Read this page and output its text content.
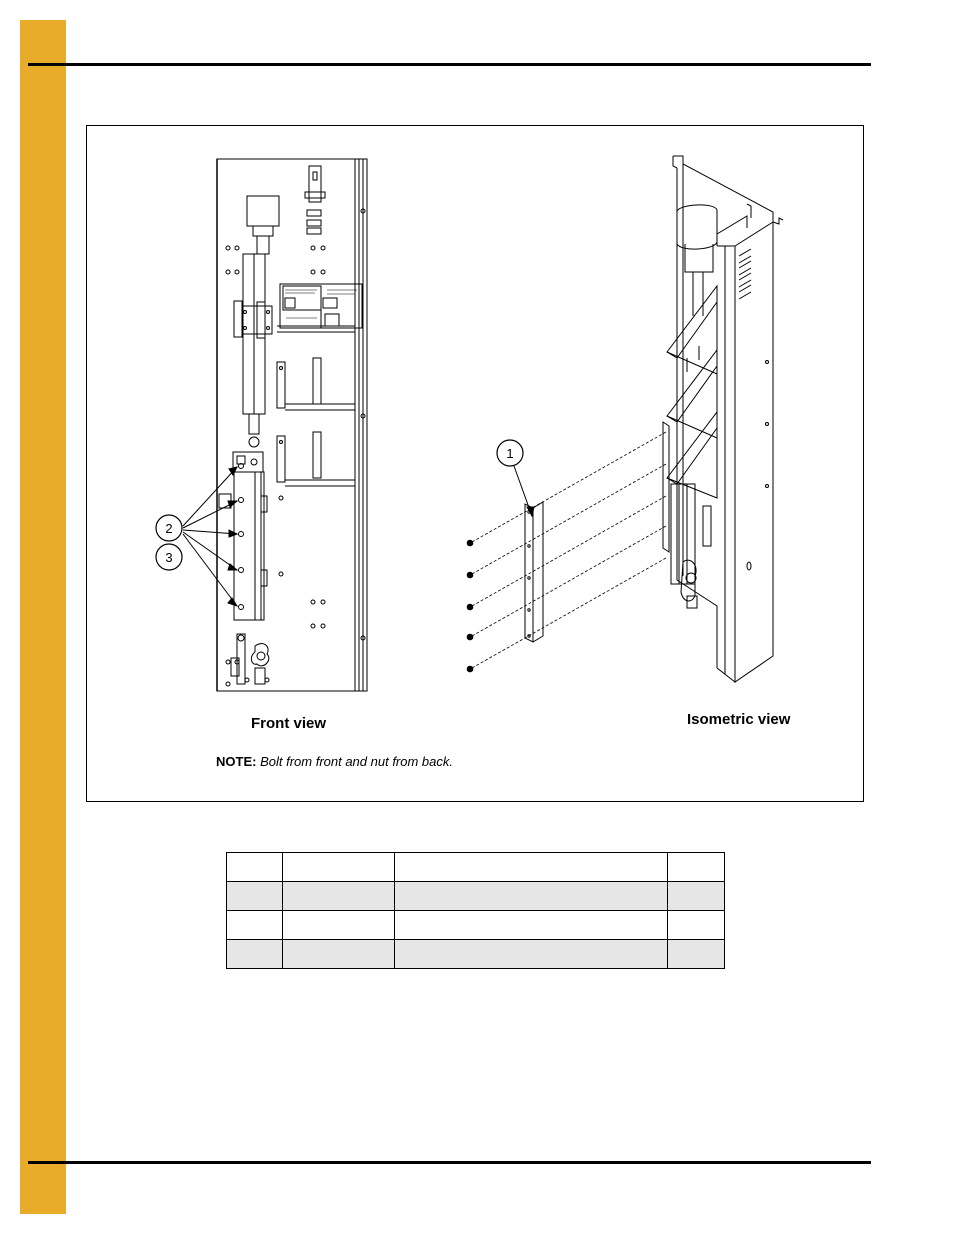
2
3
1
Front view	Isometric view
NOTE: Bolt from front and nut from back.
